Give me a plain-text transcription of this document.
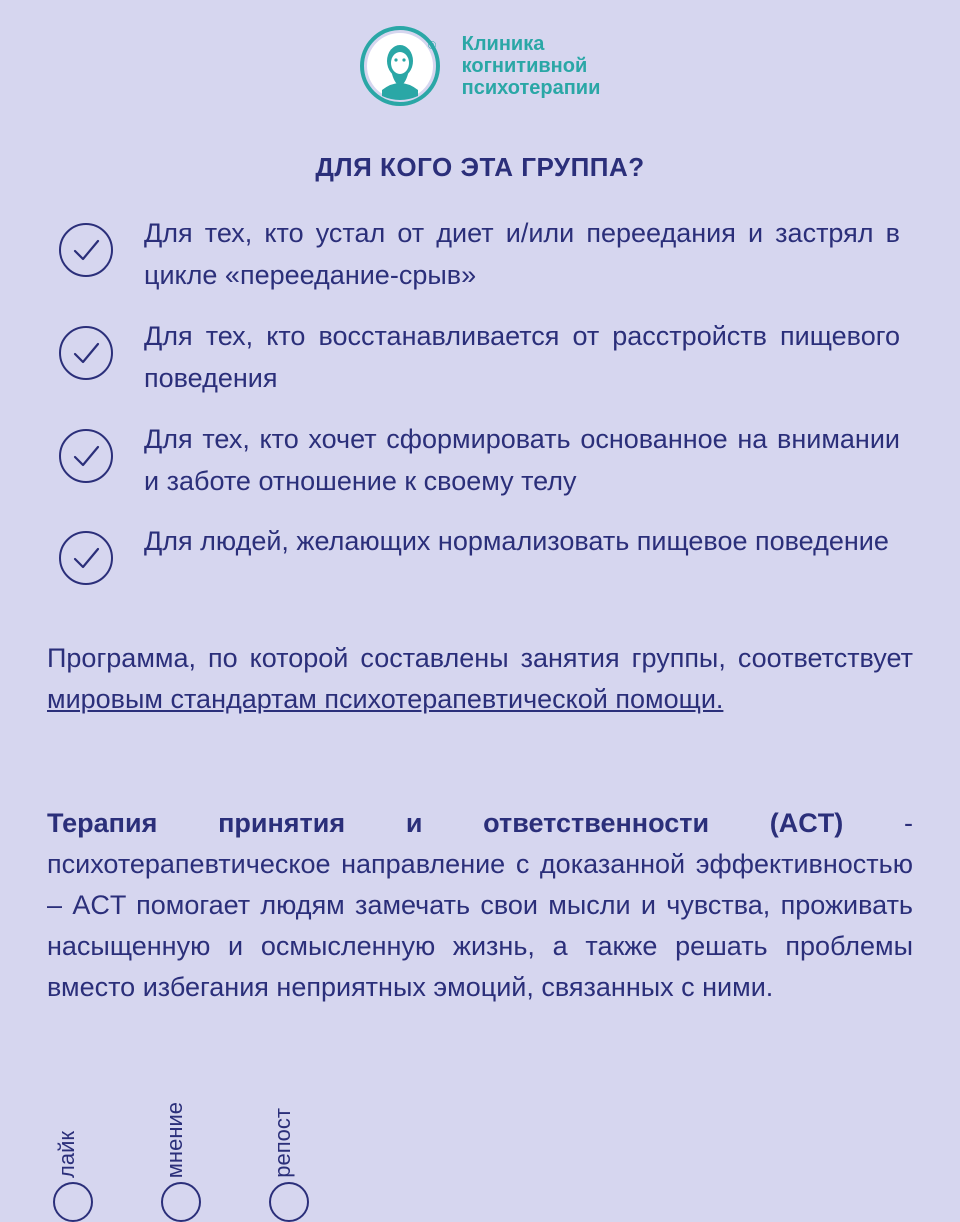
® Клиника
когнитивной
психотерапии
ДЛЯ КОГО ЭТА ГРУППА?
Для тех, кто устал от диет и/или переедания и застрял в цикле «переедание-срыв»
Для тех, кто восстанавливается от расстройств пищевого поведения
Для тех, кто хочет сформировать основанное на внимании и заботе отношение к своему телу
Для людей, желающих нормализовать пищевое поведение
Программа, по которой составлены занятия группы, соответствует мировым стандартам психотерапевтической помощи.
Терапия принятия и ответственности (ACT) - психотерапевтическое направление с доказанной эффективностью – ACT помогает людям замечать свои мысли и чувства, проживать насыщенную и осмысленную жизнь, а также решать проблемы вместо избегания неприятных эмоций, связанных с ними.
лайк	мнение	репост
